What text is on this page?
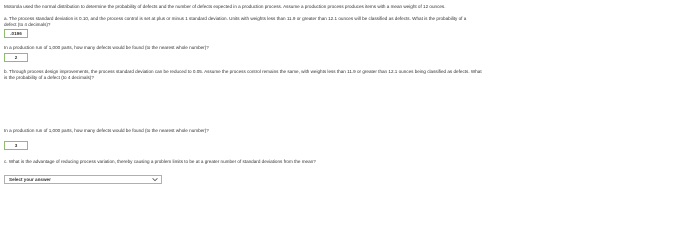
Motorola used the normal distribution to determine the probability of defects and the number of defects expected in a production process. Assume a production process produces items with a mean weight of 12 ounces.
a. The process standard deviation is 0.10, and the process control is set at plus or minus 1 standard deviation. Units with weights less than 11.9 or greater than 12.1 ounces will be classified as defects. What is the probability of a
defect (to 4 decimals)?
.0196
In a production run of 1,000 parts, how many defects would be found (to the nearest whole number)?
2
b. Through process design improvements, the process standard deviation can be reduced to 0.05. Assume the process control remains the same, with weights less than 11.9 or greater than 12.1 ounces being classified as defects. What
is the probability of a defect (to 4 decimals)?
In a production run of 1,000 parts, how many defects would be found (to the nearest whole number)?
3
c. What is the advantage of reducing process variation, thereby causing a problem limits to be at a greater number of standard deviations from the mean?
Select your answer
